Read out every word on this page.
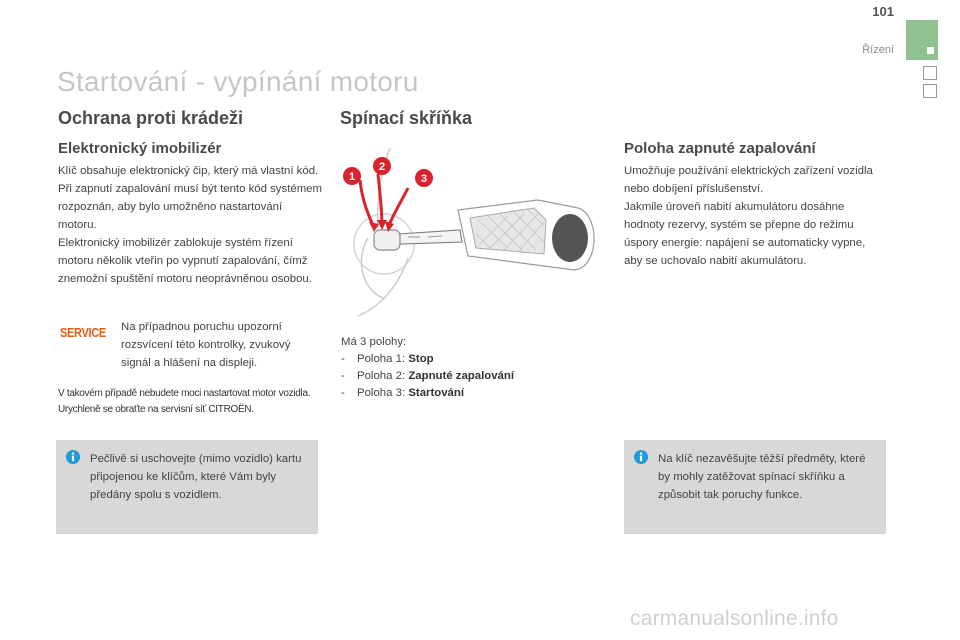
101
Řízení
Startování - vypínání motoru
Ochrana proti krádeži
Elektronický imobilizér

Klíč obsahuje elektronický čip, který má vlastní kód. Při zapnutí zapalování musí být tento kód systémem rozpoznán, aby bylo umožněno nastartování motoru.

Elektronický imobilizér zablokuje systém řízení motoru několik vteřin po vypnutí zapalování, čímž znemožní spuštění motoru neoprávněnou osobou.

SERVICE Na případnou poruchu upozorní rozsvícení této kontrolky, zvukový signál a hlášení na displeji.
V takovém případě nebudete moci nastartovat motor vozidla. Urychleně se obraťte na servisní síť CITROËN.
Pečlivě si uschovejte (mimo vozidlo) kartu připojenou ke klíčům, které Vám byly předány spolu s vozidlem.
Spínací skříňka
1
2
3
Má 3 polohy:
-	Poloha 1:
Stop
-	Poloha 2:
Zapnuté zapalování
-	Poloha 3:
Startování
Poloha zapnuté zapalování

Umožňuje používání elektrických zařízení vozidla nebo dobíjení příslušenství.

Jakmile úroveň nabití akumulátoru dosáhne hodnoty rezervy, systém se přepne do režimu úspory energie: napájení se automaticky vypne, aby se uchovalo nabití akumulátoru.

Na klíč nezavěšujte těžší předměty, které by mohly zatěžovat spínací skříňku a způsobit tak poruchy funkce.
carmanualsonline.info
